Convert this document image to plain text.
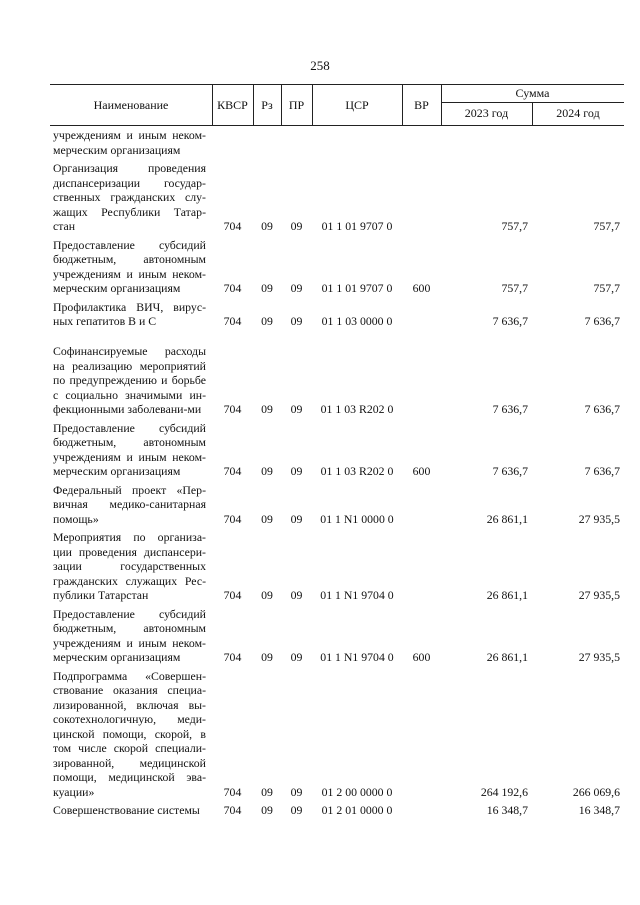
258
Наименование	КВСР	Рз	ПР	ЦСР	ВР
Сумма
2023 год	2024 год
учреждениям и иным неком-мерческим организациям							
Организация проведения диспансеризации государ-ственных гражданских слу-жащих Республики Татар-стан	704	09	09	01 1 01 9707 0		757,7	757,7
Предоставление субсидий бюджетным, автономным учреждениям и иным неком-мерческим организациям	704	09	09	01 1 01 9707 0	600	757,7	757,7
Профилактика ВИЧ, вирус-ных гепатитов В и С	704	09	09	01 1 03 0000 0		7 636,7	7 636,7
Софинансируемые расходы на реализацию мероприятий по предупреждению и борьбе с социально значимыми ин-фекционными заболевани-ми	704	09	09	01 1 03 R202 0		7 636,7	7 636,7
Предоставление субсидий бюджетным, автономным учреждениям и иным неком-мерческим организациям	704	09	09	01 1 03 R202 0	600	7 636,7	7 636,7
Федеральный проект «Пер-вичная медико-санитарная помощь»	704	09	09	01 1 N1 0000 0		26 861,1	27 935,5
Мероприятия по организа-ции проведения диспансери-зации государственных гражданских служащих Рес-публики Татарстан	704	09	09	01 1 N1 9704 0		26 861,1	27 935,5
Предоставление субсидий бюджетным, автономным учреждениям и иным неком-мерческим организациям	704	09	09	01 1 N1 9704 0	600	26 861,1	27 935,5
Подпрограмма «Совершен-ствование оказания специа-лизированной, включая вы-сокотехнологичную, меди-цинской помощи, скорой, в том числе скорой специали-зированной, медицинской помощи, медицинской эва-куации»	704	09	09	01 2 00 0000 0		264 192,6	266 069,6
Совершенствование системы	704	09	09	01 2 01 0000 0		16 348,7	16 348,7
